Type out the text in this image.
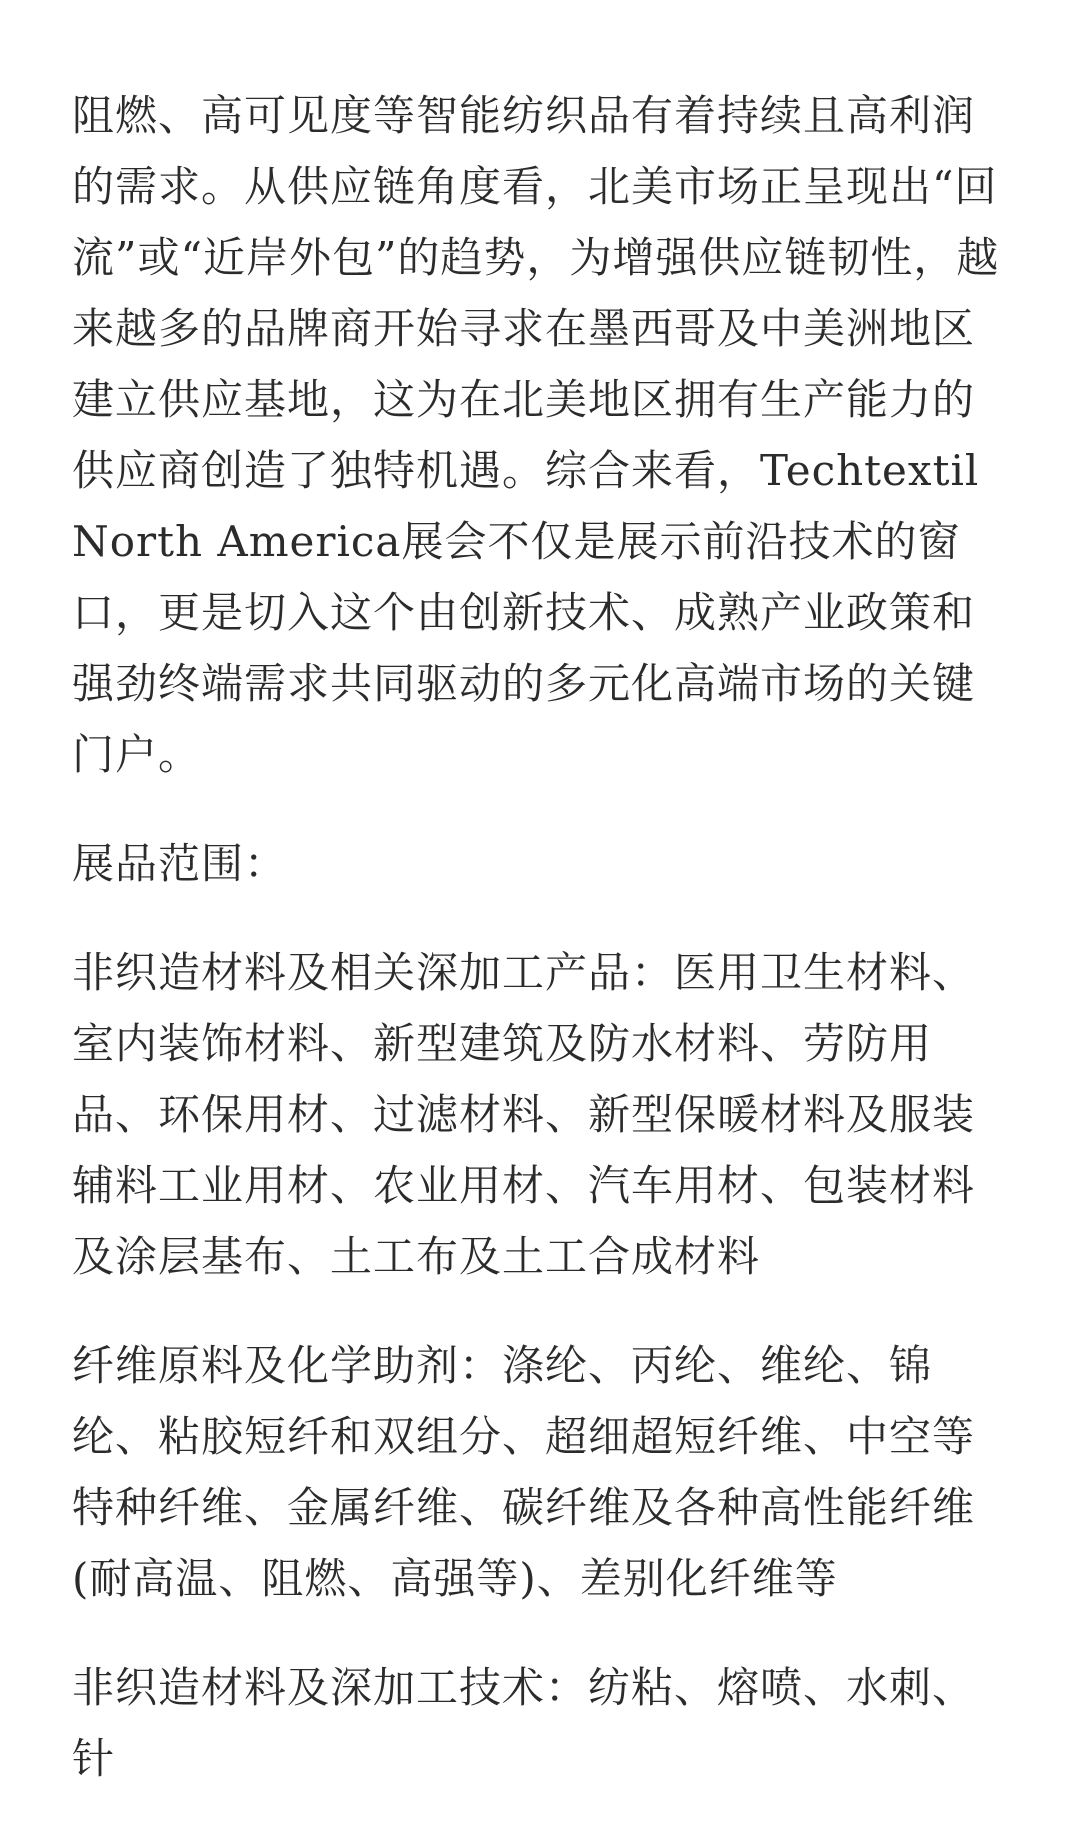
阻燃、高可见度等智能纺织品有着持续且高利润的需求。从供应链角度看，北美市场正呈现出“回流”或“近岸外包”的趋势，为增强供应链韧性，越来越多的品牌商开始寻求在墨西哥及中美洲地区建立供应基地，这为在北美地区拥有生产能力的供应商创造了独特机遇。综合来看，Techtextil North America展会不仅是展示前沿技术的窗口，更是切入这个由创新技术、成熟产业政策和强劲终端需求共同驱动的多元化高端市场的关键门户。

展品范围：

非织造材料及相关深加工产品：医用卫生材料、室内装饰材料、新型建筑及防水材料、劳防用品、环保用材、过滤材料、新型保暖材料及服装辅料工业用材、农业用材、汽车用材、包装材料及涂层基布、土工布及土工合成材料

纤维原料及化学助剂：涤纶、丙纶、维纶、锦纶、粘胶短纤和双组分、超细超短纤维、中空等特种纤维、金属纤维、碳纤维及各种高性能纤维(耐高温、阻燃、高强等)、差别化纤维等

非织造材料及深加工技术：纺粘、熔喷、水刺、针
